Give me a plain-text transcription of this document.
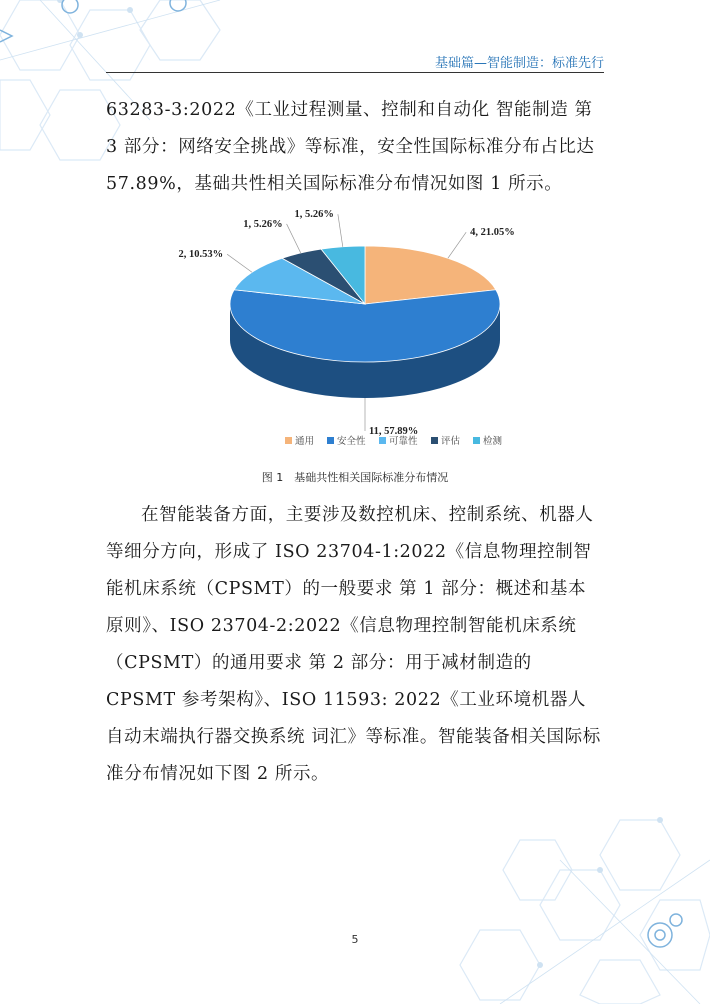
基础篇—智能制造：标准先行
63283-3:2022《工业过程测量、控制和自动化 智能制造 第 3 部分：网络安全挑战》等标准，安全性国际标准分布占比达 57.89%，基础共性相关国际标准分布情况如图 1 所示。
4, 21.05%
11, 57.89%
2, 10.53%
1, 5.26%
1, 5.26%
通用 安全性 可靠性 评估 检测
图 1　基础共性相关国际标准分布情况
在智能装备方面，主要涉及数控机床、控制系统、机器人等细分方向，形成了 ISO 23704-1:2022《信息物理控制智能机床系统（CPSMT）的一般要求 第 1 部分：概述和基本原则》、ISO 23704-2:2022《信息物理控制智能机床系统（CPSMT）的通用要求 第 2 部分：用于减材制造的 CPSMT 参考架构》、ISO 11593: 2022《工业环境机器人 自动末端执行器交换系统 词汇》等标准。智能装备相关国际标准分布情况如下图 2 所示。
5
